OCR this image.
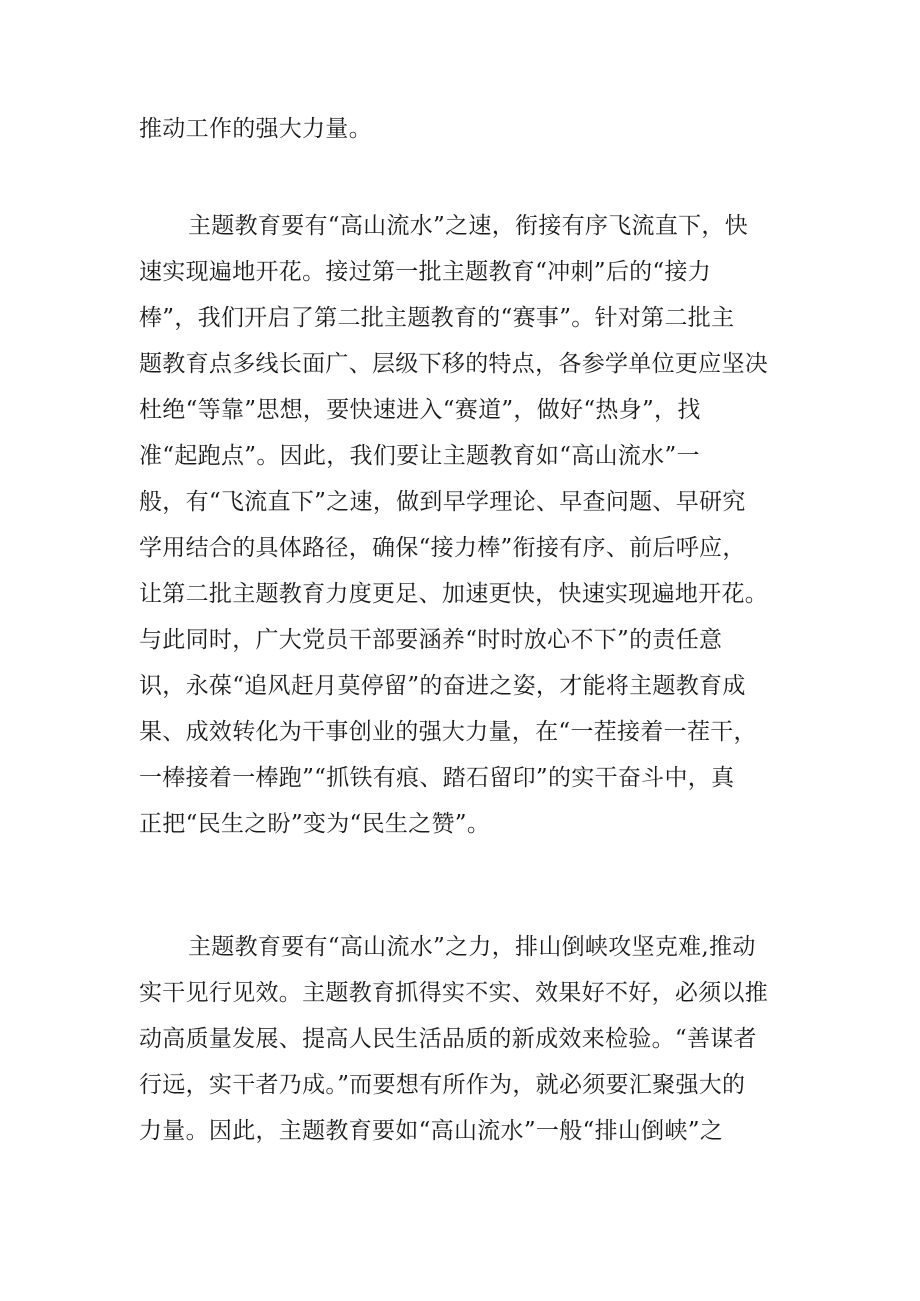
推动工作的强大力量。

主题教育要有“高山流水”之速，衔接有序飞流直下，快

速实现遍地开花。接过第一批主题教育“冲刺”后的“接力

棒”，我们开启了第二批主题教育的“赛事”。针对第二批主

题教育点多线长面广、层级下移的特点，各参学单位更应坚决

杜绝“等靠”思想，要快速进入“赛道”，做好“热身”，找

准“起跑点”。因此，我们要让主题教育如“高山流水”一

般，有“飞流直下”之速，做到早学理论、早查问题、早研究

学用结合的具体路径，确保“接力棒”衔接有序、前后呼应，

让第二批主题教育力度更足、加速更快，快速实现遍地开花。

与此同时，广大党员干部要涵养“时时放心不下”的责任意

识，永葆“追风赶月莫停留”的奋进之姿，才能将主题教育成

果、成效转化为干事创业的强大力量，在“一茬接着一茬干，

一棒接着一棒跑”“抓铁有痕、踏石留印”的实干奋斗中，真

正把“民生之盼”变为“民生之赞”。

主题教育要有“高山流水”之力，排山倒峡攻坚克难,推动

实干见行见效。主题教育抓得实不实、效果好不好，必须以推

动高质量发展、提高人民生活品质的新成效来检验。“善谋者

行远，实干者乃成。”而要想有所作为，就必须要汇聚强大的

力量。因此，主题教育要如“高山流水”一般“排山倒峡”之
